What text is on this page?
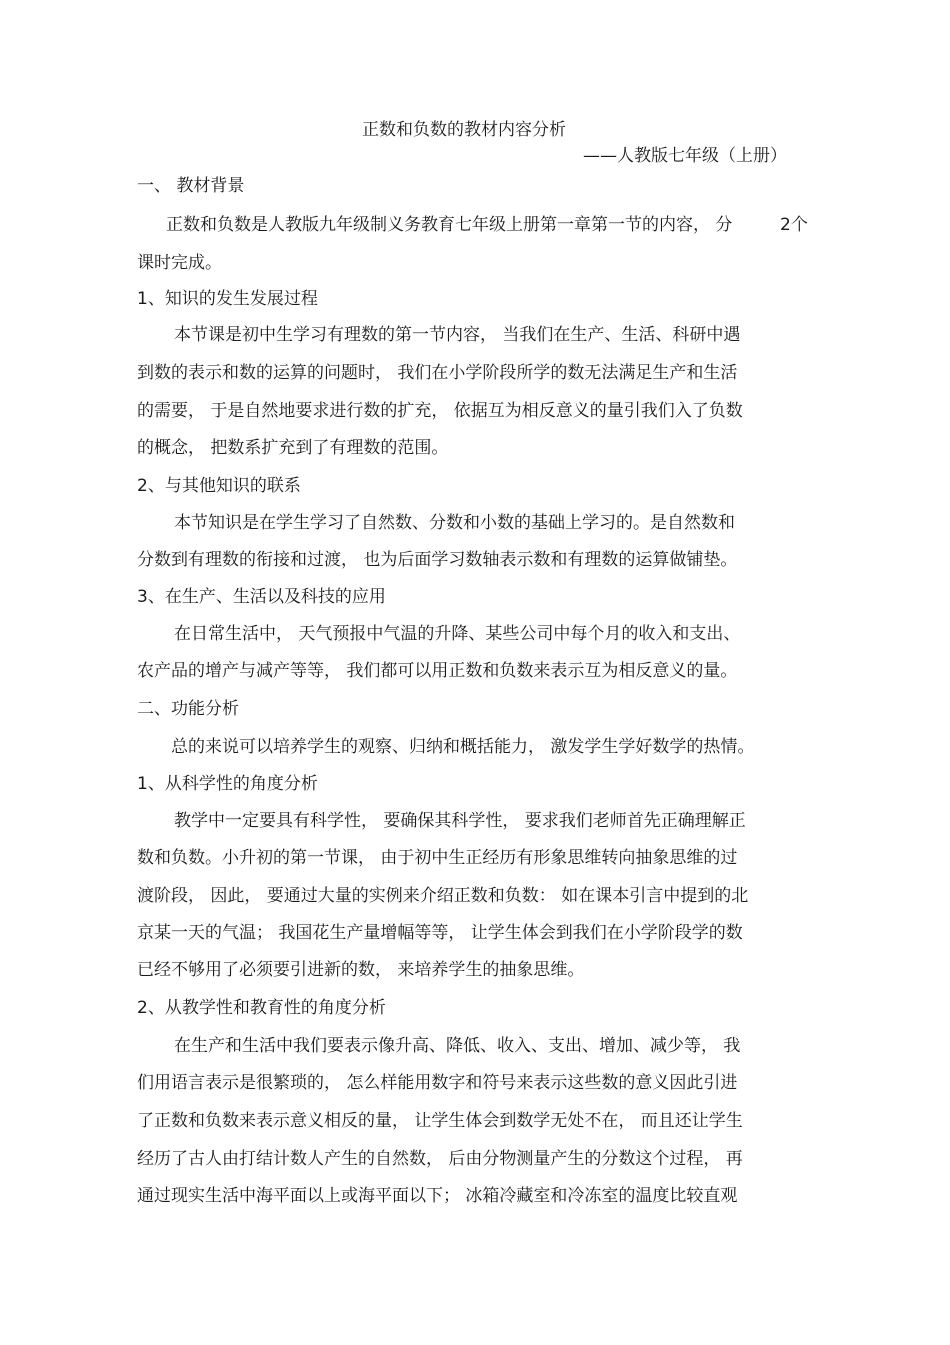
正数和负数的教材内容分析
——人教版七年级（上册）
一、 教材背景
正数和负数是人教版九年级制义务教育七年级上册第一章第一节的内容， 分	2个
课时完成。
1、知识的发生发展过程
本节课是初中生学习有理数的第一节内容， 当我们在生产、生活、科研中遇
到数的表示和数的运算的问题时， 我们在小学阶段所学的数无法满足生产和生活
的需要， 于是自然地要求进行数的扩充， 依据互为相反意义的量引我们入了负数
的概念， 把数系扩充到了有理数的范围。
2、与其他知识的联系
本节知识是在学生学习了自然数、分数和小数的基础上学习的。是自然数和
分数到有理数的衔接和过渡， 也为后面学习数轴表示数和有理数的运算做铺垫。
3、在生产、生活以及科技的应用
在日常生活中， 天气预报中气温的升降、某些公司中每个月的收入和支出、
农产品的增产与减产等等， 我们都可以用正数和负数来表示互为相反意义的量。
二、功能分析
总的来说可以培养学生的观察、归纳和概括能力， 激发学生学好数学的热情。
1、从科学性的角度分析
教学中一定要具有科学性， 要确保其科学性， 要求我们老师首先正确理解正
数和负数。小升初的第一节课， 由于初中生正经历有形象思维转向抽象思维的过
渡阶段， 因此， 要通过大量的实例来介绍正数和负数： 如在课本引言中提到的北
京某一天的气温； 我国花生产量增幅等等， 让学生体会到我们在小学阶段学的数
已经不够用了必须要引进新的数， 来培养学生的抽象思维。
2、从教学性和教育性的角度分析
在生产和生活中我们要表示像升高、降低、收入、支出、增加、减少等， 我
们用语言表示是很繁琐的， 怎么样能用数字和符号来表示这些数的意义因此引进
了正数和负数来表示意义相反的量， 让学生体会到数学无处不在， 而且还让学生
经历了古人由打结计数人产生的自然数， 后由分物测量产生的分数这个过程， 再
通过现实生活中海平面以上或海平面以下； 冰箱冷藏室和冷冻室的温度比较直观
